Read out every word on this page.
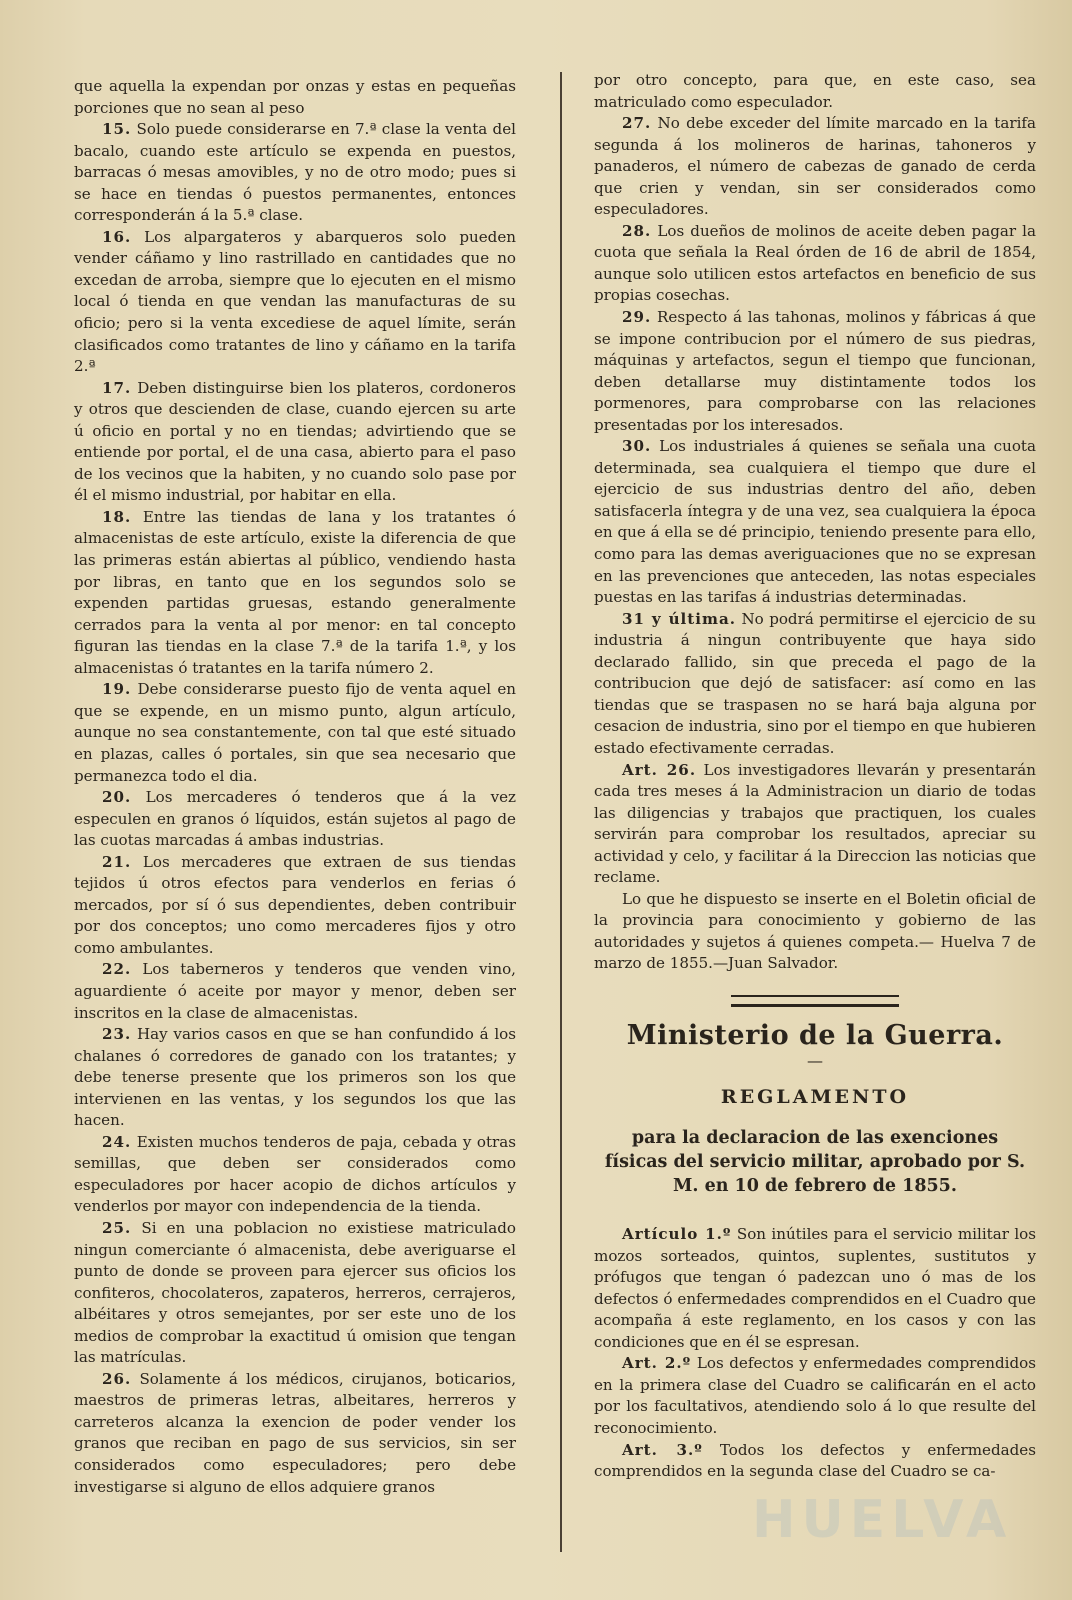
que aquella la expendan por onzas y estas en pequeñas porciones que no sean al peso

15. Solo puede considerarse en 7.ª clase la venta del bacalo, cuando este artículo se expenda en puestos, barracas ó mesas amovibles, y no de otro modo; pues si se hace en tiendas ó puestos permanentes, entonces corresponderán á la 5.ª clase.

16. Los alpargateros y abarqueros solo pueden vender cáñamo y lino rastrillado en cantidades que no excedan de arroba, siempre que lo ejecuten en el mismo local ó tienda en que vendan las manufacturas de su oficio; pero si la venta excediese de aquel límite, serán clasificados como tratantes de lino y cáñamo en la tarifa 2.ª

17. Deben distinguirse bien los plateros, cordoneros y otros que descienden de clase, cuando ejercen su arte ú oficio en portal y no en tiendas; advirtiendo que se entiende por portal, el de una casa, abierto para el paso de los vecinos que la habiten, y no cuando solo pase por él el mismo industrial, por habitar en ella.

18. Entre las tiendas de lana y los tratantes ó almacenistas de este artículo, existe la diferencia de que las primeras están abiertas al público, vendiendo hasta por libras, en tanto que en los segundos solo se expenden partidas gruesas, estando generalmente cerrados para la venta al por menor: en tal concepto figuran las tiendas en la clase 7.ª de la tarifa 1.ª, y los almacenistas ó tratantes en la tarifa número 2.

19. Debe considerarse puesto fijo de venta aquel en que se expende, en un mismo punto, algun artículo, aunque no sea constantemente, con tal que esté situado en plazas, calles ó portales, sin que sea necesario que permanezca todo el dia.

20. Los mercaderes ó tenderos que á la vez especulen en granos ó líquidos, están sujetos al pago de las cuotas marcadas á ambas industrias.

21. Los mercaderes que extraen de sus tiendas tejidos ú otros efectos para venderlos en ferias ó mercados, por sí ó sus dependientes, deben contribuir por dos conceptos; uno como mercaderes fijos y otro como ambulantes.

22. Los taberneros y tenderos que venden vino, aguardiente ó aceite por mayor y menor, deben ser inscritos en la clase de almacenistas.

23. Hay varios casos en que se han confundido á los chalanes ó corredores de ganado con los tratantes; y debe tenerse presente que los primeros son los que intervienen en las ventas, y los segundos los que las hacen.

24. Existen muchos tenderos de paja, cebada y otras semillas, que deben ser considerados como especuladores por hacer acopio de dichos artículos y venderlos por mayor con independencia de la tienda.

25. Si en una poblacion no existiese matriculado ningun comerciante ó almacenista, debe averiguarse el punto de donde se proveen para ejercer sus oficios los confiteros, chocolateros, zapateros, herreros, cerrajeros, albéitares y otros semejantes, por ser este uno de los medios de comprobar la exactitud ú omision que tengan las matrículas.

26. Solamente á los médicos, cirujanos, boticarios, maestros de primeras letras, albeitares, herreros y carreteros alcanza la exencion de poder vender los granos que reciban en pago de sus servicios, sin ser considerados como especuladores; pero debe investigarse si alguno de ellos adquiere granos

por otro concepto, para que, en este caso, sea matriculado como especulador.

27. No debe exceder del límite marcado en la tarifa segunda á los molineros de harinas, tahoneros y panaderos, el número de cabezas de ganado de cerda que crien y vendan, sin ser considerados como especuladores.

28. Los dueños de molinos de aceite deben pagar la cuota que señala la Real órden de 16 de abril de 1854, aunque solo utilicen estos artefactos en beneficio de sus propias cosechas.

29. Respecto á las tahonas, molinos y fábricas á que se impone contribucion por el número de sus piedras, máquinas y artefactos, segun el tiempo que funcionan, deben detallarse muy distintamente todos los pormenores, para comprobarse con las relaciones presentadas por los interesados.

30. Los industriales á quienes se señala una cuota determinada, sea cualquiera el tiempo que dure el ejercicio de sus industrias dentro del año, deben satisfacerla íntegra y de una vez, sea cualquiera la época en que á ella se dé principio, teniendo presente para ello, como para las demas averiguaciones que no se expresan en las prevenciones que anteceden, las notas especiales puestas en las tarifas á industrias determinadas.

31 y última. No podrá permitirse el ejercicio de su industria á ningun contribuyente que haya sido declarado fallido, sin que preceda el pago de la contribucion que dejó de satisfacer: así como en las tiendas que se traspasen no se hará baja alguna por cesacion de industria, sino por el tiempo en que hubieren estado efectivamente cerradas.

Art. 26. Los investigadores llevarán y presentarán cada tres meses á la Administracion un diario de todas las diligencias y trabajos que practiquen, los cuales servirán para comprobar los resultados, apreciar su actividad y celo, y facilitar á la Direccion las noticias que reclame.

Lo que he dispuesto se inserte en el Boletin oficial de la provincia para conocimiento y gobierno de las autoridades y sujetos á quienes competa.— Huelva 7 de marzo de 1855.—Juan Salvador.

Ministerio de la Guerra.
—
REGLAMENTO
para la declaracion de las exenciones físicas del servicio militar, aprobado por S. M. en 10 de febrero de 1855.

Artículo 1.º Son inútiles para el servicio militar los mozos sorteados, quintos, suplentes, sustitutos y prófugos que tengan ó padezcan uno ó mas de los defectos ó enfermedades comprendidos en el Cuadro que acompaña á este reglamento, en los casos y con las condiciones que en él se espresan.

Art. 2.º Los defectos y enfermedades comprendidos en la primera clase del Cuadro se calificarán en el acto por los facultativos, atendiendo solo á lo que resulte del reconocimiento.

Art. 3.º Todos los defectos y enfermedades comprendidos en la segunda clase del Cuadro se ca-

HUELVA
